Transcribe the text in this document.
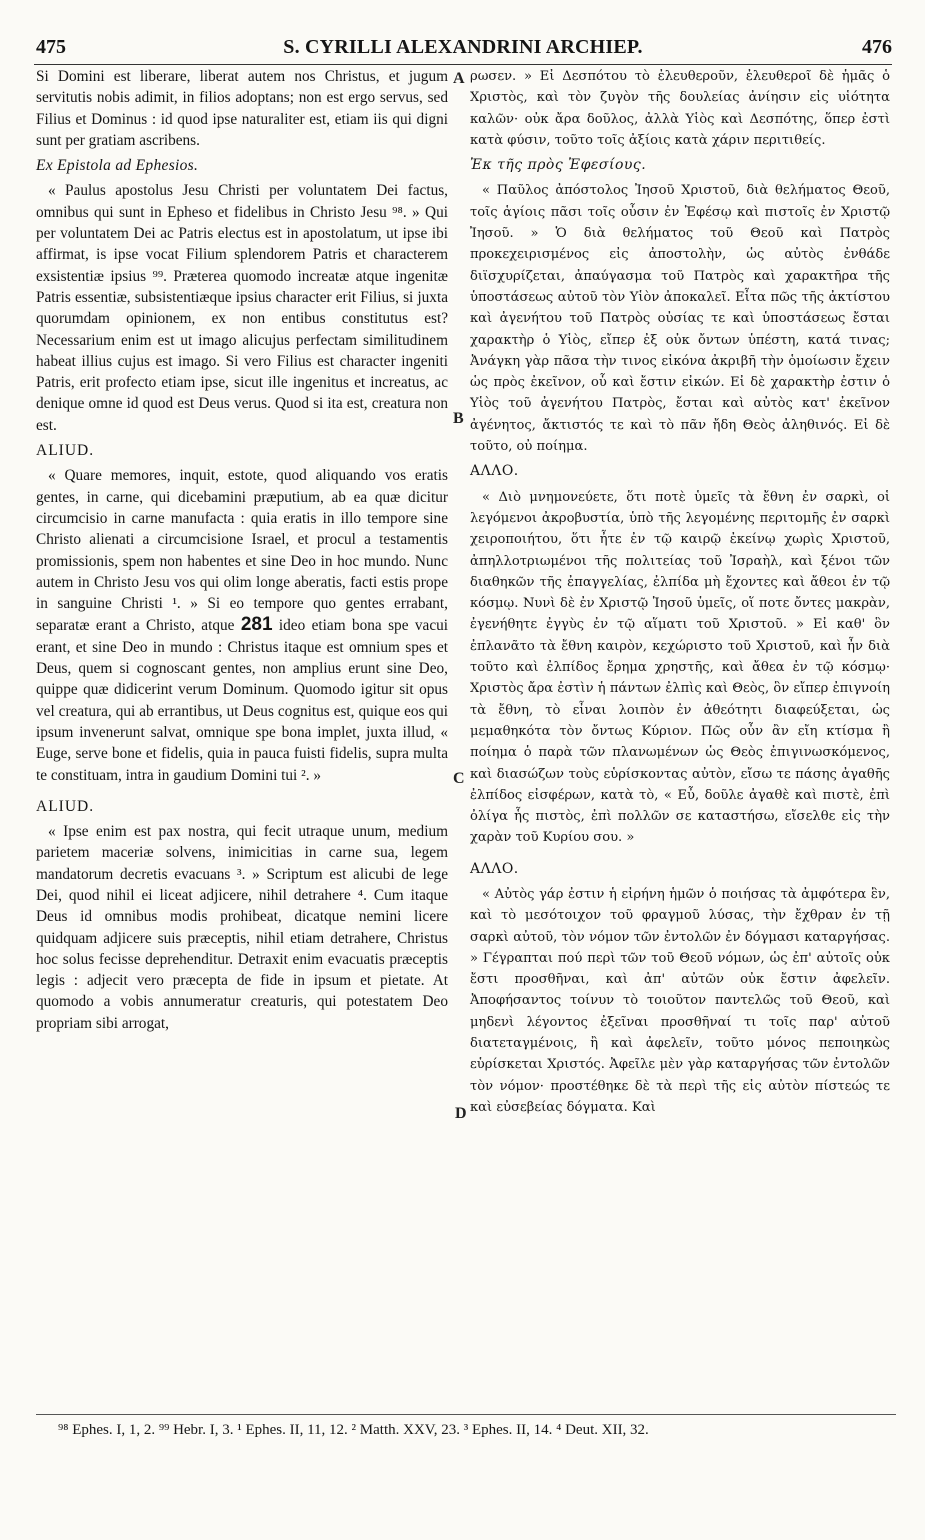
475	S. CYRILLI ALEXANDRINI ARCHIEP.	476

Si Domini est liberare, liberat autem nos Christus, et jugum servitutis nobis adimit, in filios adoptans; non est ergo servus, sed Filius et Dominus : id quod ipse naturaliter est, etiam iis qui digni sunt per gratiam ascribens.

Ex Epistola ad Ephesios.

« Paulus apostolus Jesu Christi per voluntatem Dei factus, omnibus qui sunt in Epheso et fidelibus in Christo Jesu ⁹⁸. » Qui per voluntatem Dei ac Patris electus est in apostolatum, ut ipse ibi affirmat, is ipse vocat Filium splendorem Patris et characterem exsistentiæ ipsius ⁹⁹. Præterea quomodo increatæ atque ingenitæ Patris essentiæ, subsistentiæque ipsius character erit Filius, si juxta quorumdam opinionem, ex non entibus constitutus est? Necessarium enim est ut imago alicujus perfectam similitudinem habeat illius cujus est imago. Si vero Filius est character ingeniti Patris, erit profecto etiam ipse, sicut ille ingenitus et increatus, ac denique omne id quod est Deus verus. Quod si ita est, creatura non est.

ALIUD.

« Quare memores, inquit, estote, quod aliquando vos eratis gentes, in carne, qui dicebamini præputium, ab ea quæ dicitur circumcisio in carne manufacta : quia eratis in illo tempore sine Christo alienati a circumcisione Israel, et procul a testamentis promissionis, spem non habentes et sine Deo in hoc mundo. Nunc autem in Christo Jesu vos qui olim longe aberatis, facti estis prope in sanguine Christi ¹. » Si eo tempore quo gentes errabant, separatæ erant a Christo, atque 281 ideo etiam bona spe vacui erant, et sine Deo in mundo : Christus itaque est omnium spes et Deus, quem si cognoscant gentes, non amplius erunt sine Deo, quippe quæ didicerint verum Dominum. Quomodo igitur sit opus vel creatura, qui ab errantibus, ut Deus cognitus est, quique eos qui ipsum invenerunt salvat, omnique spe bona implet, juxta illud, « Euge, serve bone et fidelis, quia in pauca fuisti fidelis, supra multa te constituam, intra in gaudium Domini tui ². »

ALIUD.

« Ipse enim est pax nostra, qui fecit utraque unum, medium parietem maceriæ solvens, inimicitias in carne sua, legem mandatorum decretis evacuans ³. » Scriptum est alicubi de lege Dei, quod nihil ei liceat adjicere, nihil detrahere ⁴. Cum itaque Deus id omnibus modis prohibeat, dicatque nemini licere quidquam adjicere suis præceptis, nihil etiam detrahere, Christus hoc solus fecisse deprehenditur. Detraxit enim evacuatis præceptis legis : adjecit vero præcepta de fide in ipsum et pietate. At quomodo a vobis annumeratur creaturis, qui potestatem Deo propriam sibi arrogat,

ρωσεν. » Εἰ Δεσπότου τὸ ἐλευθεροῦν, ἐλευθεροῖ δὲ ἡμᾶς ὁ Χριστὸς, καὶ τὸν ζυγὸν τῆς δουλείας ἀνίησιν εἰς υἱότητα καλῶν· οὐκ ἄρα δοῦλος, ἀλλὰ Υἱὸς καὶ Δεσπότης, ὅπερ ἐστὶ κατὰ φύσιν, τοῦτο τοῖς ἀξίοις κατὰ χάριν περιτιθείς.

Ἐκ τῆς πρὸς Ἐφεσίους.

« Παῦλος ἀπόστολος Ἰησοῦ Χριστοῦ, διὰ θελήματος Θεοῦ, τοῖς ἁγίοις πᾶσι τοῖς οὖσιν ἐν Ἐφέσῳ καὶ πιστοῖς ἐν Χριστῷ Ἰησοῦ. » Ὁ διὰ θελήματος τοῦ Θεοῦ καὶ Πατρὸς προκεχειρισμένος εἰς ἀποστολὴν, ὡς αὐτὸς ἐνθάδε διϊσχυρίζεται, ἀπαύγασμα τοῦ Πατρὸς καὶ χαρακτῆρα τῆς ὑποστάσεως αὐτοῦ τὸν Υἱὸν ἀποκαλεῖ. Εἶτα πῶς τῆς ἀκτίστου καὶ ἀγενήτου τοῦ Πατρὸς οὐσίας τε καὶ ὑποστάσεως ἔσται χαρακτὴρ ὁ Υἱὸς, εἴπερ ἐξ οὐκ ὄντων ὑπέστη, κατά τινας; Ἀνάγκη γὰρ πᾶσα τὴν τινος εἰκόνα ἀκριβῆ τὴν ὁμοίωσιν ἔχειν ὡς πρὸς ἐκεῖνον, οὗ καὶ ἔστιν εἰκών. Εἰ δὲ χαρακτὴρ ἐστιν ὁ Υἱὸς τοῦ ἀγενήτου Πατρὸς, ἔσται καὶ αὐτὸς κατ' ἐκεῖνον ἀγένητος, ἄκτιστός τε καὶ τὸ πᾶν ἤδη Θεὸς ἀληθινός. Εἰ δὲ τοῦτο, οὐ ποίημα.

ΑΛΛΟ.

« Διὸ μνημονεύετε, ὅτι ποτὲ ὑμεῖς τὰ ἔθνη ἐν σαρκὶ, οἱ λεγόμενοι ἀκροβυστία, ὑπὸ τῆς λεγομένης περιτομῆς ἐν σαρκὶ χειροποιήτου, ὅτι ἦτε ἐν τῷ καιρῷ ἐκείνῳ χωρὶς Χριστοῦ, ἀπηλλοτριωμένοι τῆς πολιτείας τοῦ Ἰσραὴλ, καὶ ξένοι τῶν διαθηκῶν τῆς ἐπαγγελίας, ἐλπίδα μὴ ἔχοντες καὶ ἄθεοι ἐν τῷ κόσμῳ. Νυνὶ δὲ ἐν Χριστῷ Ἰησοῦ ὑμεῖς, οἵ ποτε ὄντες μακρὰν, ἐγενήθητε ἐγγὺς ἐν τῷ αἵματι τοῦ Χριστοῦ. » Εἰ καθ' ὃν ἐπλανᾶτο τὰ ἔθνη καιρὸν, κεχώριστο τοῦ Χριστοῦ, καὶ ἦν διὰ τοῦτο καὶ ἐλπίδος ἔρημα χρηστῆς, καὶ ἄθεα ἐν τῷ κόσμῳ· Χριστὸς ἄρα ἐστὶν ἡ πάντων ἐλπὶς καὶ Θεὸς, ὃν εἴπερ ἐπιγνοίη τὰ ἔθνη, τὸ εἶναι λοιπὸν ἐν ἀθεότητι διαφεύξεται, ὡς μεμαθηκότα τὸν ὄντως Κύριον. Πῶς οὖν ἂν εἴη κτίσμα ἢ ποίημα ὁ παρὰ τῶν πλανωμένων ὡς Θεὸς ἐπιγινωσκόμενος, καὶ διασώζων τοὺς εὑρίσκοντας αὐτὸν, εἴσω τε πάσης ἀγαθῆς ἐλπίδος εἰσφέρων, κατὰ τὸ, « Εὖ, δοῦλε ἀγαθὲ καὶ πιστὲ, ἐπὶ ὀλίγα ἧς πιστὸς, ἐπὶ πολλῶν σε καταστήσω, εἴσελθε εἰς τὴν χαρὰν τοῦ Κυρίου σου. »

ΑΛΛΟ.

« Αὐτὸς γάρ ἐστιν ἡ εἰρήνη ἡμῶν ὁ ποιήσας τὰ ἀμφότερα ἓν, καὶ τὸ μεσότοιχον τοῦ φραγμοῦ λύσας, τὴν ἔχθραν ἐν τῇ σαρκὶ αὐτοῦ, τὸν νόμον τῶν ἐντολῶν ἐν δόγμασι καταργήσας. » Γέγραπται πού περὶ τῶν τοῦ Θεοῦ νόμων, ὡς ἐπ' αὐτοῖς οὐκ ἔστι προσθῆναι, καὶ ἀπ' αὐτῶν οὐκ ἔστιν ἀφελεῖν. Ἀποφήσαντος τοίνυν τὸ τοιοῦτον παντελῶς τοῦ Θεοῦ, καὶ μηδενὶ λέγοντος ἐξεῖναι προσθῆναί τι τοῖς παρ' αὐτοῦ διατεταγμένοις, ἢ καὶ ἀφελεῖν, τοῦτο μόνος πεποιηκὼς εὑρίσκεται Χριστός. Ἀφεῖλε μὲν γὰρ καταργήσας τῶν ἐντολῶν τὸν νόμον· προστέθηκε δὲ τὰ περὶ τῆς εἰς αὐτὸν πίστεώς τε καὶ εὐσεβείας δόγματα. Καὶ

A
B
C
D
⁹⁸ Ephes. I, 1, 2. ⁹⁹ Hebr. I, 3. ¹ Ephes. II, 11, 12. ² Matth. XXV, 23. ³ Ephes. II, 14. ⁴ Deut. XII, 32.
